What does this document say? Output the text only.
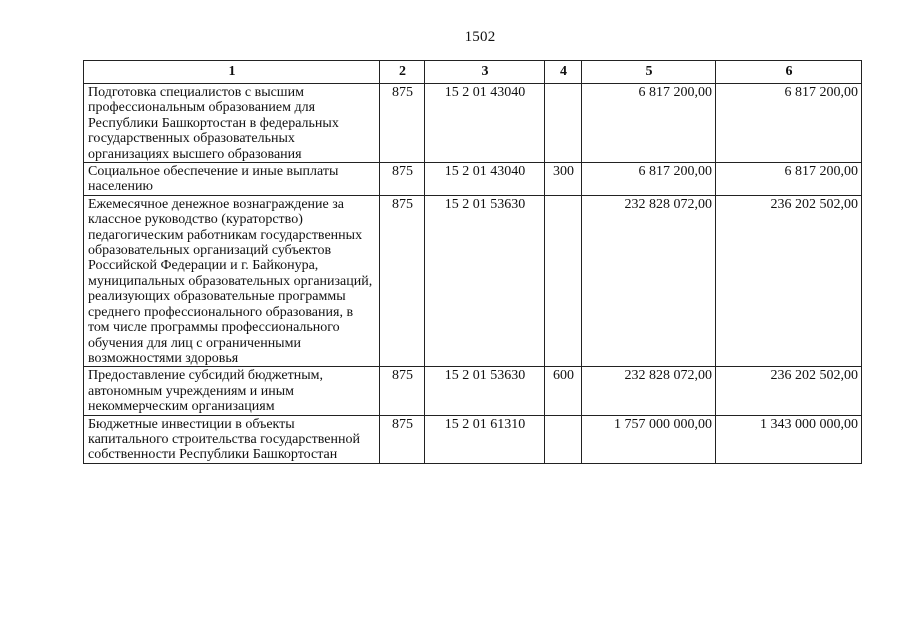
1502
1	2	3	4	5	6
Подготовка специалистов с высшим профессиональным образованием для Республики Башкортостан в федеральных государственных образовательных организациях высшего образования	875	15 2 01 43040		6 817 200,00	6 817 200,00
Социальное обеспечение и иные выплаты населению	875	15 2 01 43040	300	6 817 200,00	6 817 200,00
Ежемесячное денежное вознаграждение за классное руководство (кураторство) педагогическим работникам государственных образовательных организаций субъектов Российской Федерации и г. Байконура, муниципальных образовательных организаций, реализующих образовательные программы среднего профессионального образования, в том числе программы профессионального обучения для лиц с ограниченными возможностями здоровья	875	15 2 01 53630		232 828 072,00	236 202 502,00
Предоставление субсидий бюджетным, автономным учреждениям и иным некоммерческим организациям	875	15 2 01 53630	600	232 828 072,00	236 202 502,00
Бюджетные инвестиции в объекты капитального строительства государственной собственности Республики Башкортостан	875	15 2 01 61310		1 757 000 000,00	1 343 000 000,00
